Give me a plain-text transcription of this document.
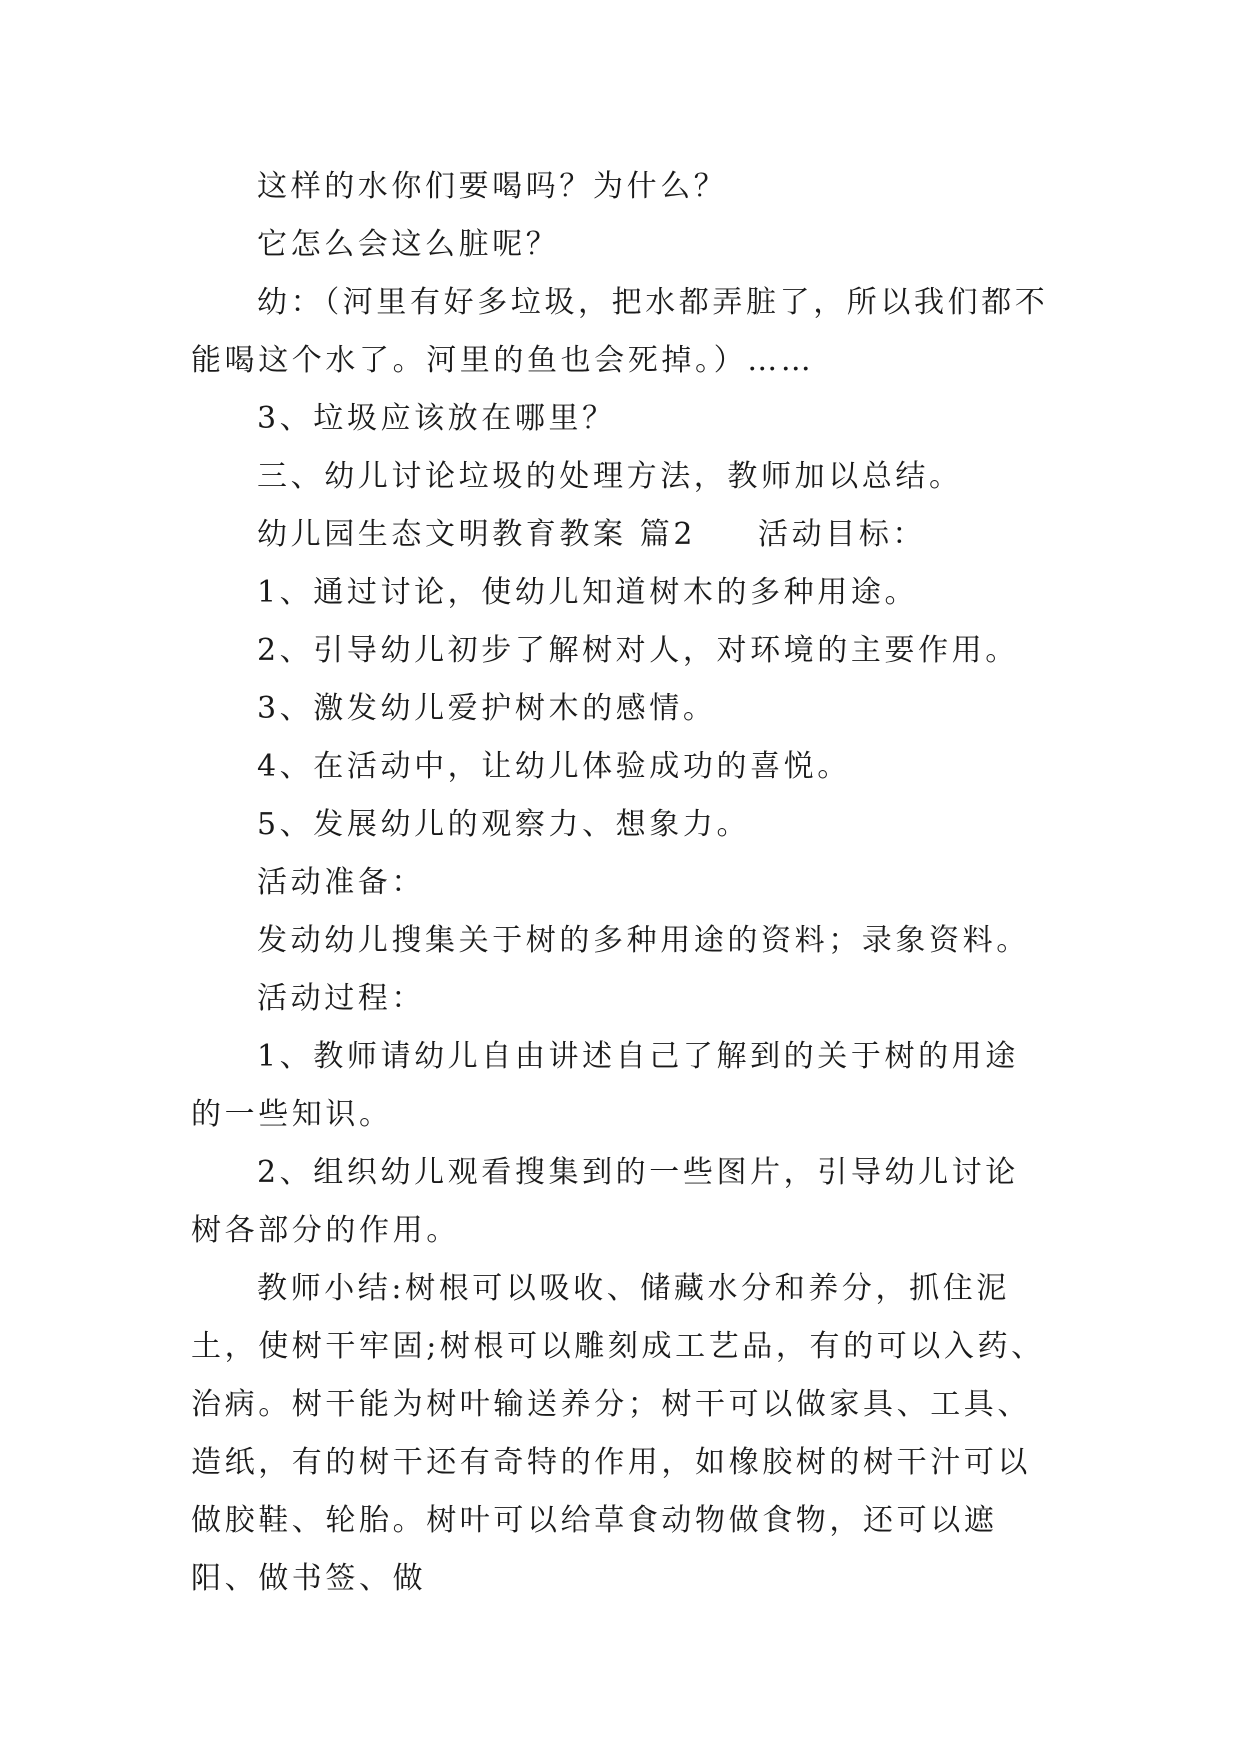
这样的水你们要喝吗？为什么？

它怎么会这么脏呢？

幼：（河里有好多垃圾，把水都弄脏了，所以我们都不能喝这个水了。河里的鱼也会死掉。）……

3、垃圾应该放在哪里？

三、幼儿讨论垃圾的处理方法，教师加以总结。

幼儿园生态文明教育教案 篇2 活动目标：

1、通过讨论，使幼儿知道树木的多种用途。

2、引导幼儿初步了解树对人，对环境的主要作用。

3、激发幼儿爱护树木的感情。

4、在活动中，让幼儿体验成功的喜悦。

5、发展幼儿的观察力、想象力。

活动准备：

发动幼儿搜集关于树的多种用途的资料；录象资料。

活动过程：

1、教师请幼儿自由讲述自己了解到的关于树的用途的一些知识。

2、组织幼儿观看搜集到的一些图片，引导幼儿讨论树各部分的作用。

教师小结:树根可以吸收、储藏水分和养分，抓住泥土，使树干牢固;树根可以雕刻成工艺品，有的可以入药、治病。树干能为树叶输送养分；树干可以做家具、工具、造纸，有的树干还有奇特的作用，如橡胶树的树干汁可以做胶鞋、轮胎。树叶可以给草食动物做食物，还可以遮阳、做书签、做
